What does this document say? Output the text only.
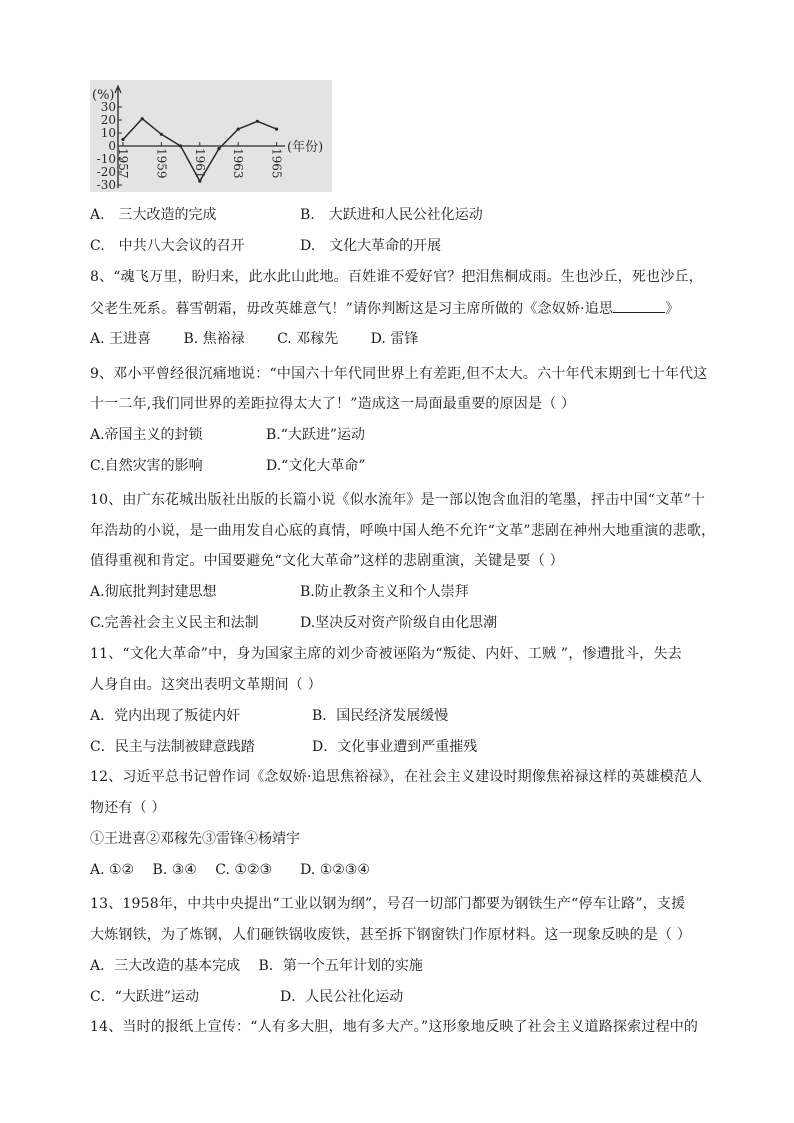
(%)
30
20
10
0
-10
-20
-30
1957 1959 1961 1963 1965
(年份)
A.　三大改造的完成	B.　大跃进和人民公社化运动
C.　中共八大会议的召开	D.　文化大革命的开展
8、“魂飞万里，盼归来，此水此山此地。百姓谁不爱好官？把泪焦桐成雨。生也沙丘，死也沙丘，
父老生死系。暮雪朝霜，毋改英雄意气！”请你判断这是习主席所做的《念奴娇·追思	》
A. 王进喜　　 B. 焦裕禄　　 C. 邓稼先　　 D. 雷锋
9、邓小平曾经很沉痛地说：“中国六十年代同世界上有差距,但不太大。六十年代末期到七十年代这
十一二年,我们同世界的差距拉得太大了！”造成这一局面最重要的原因是（ ）
A.帝国主义的封锁	B.“大跃进”运动
C.自然灾害的影响	D.“文化大革命”
10、由广东花城出版社出版的长篇小说《似水流年》是一部以饱含血泪的笔墨，抨击中国“文革”十
年浩劫的小说，是一曲用发自心底的真情，呼唤中国人绝不允许“文革”悲剧在神州大地重演的悲歌，
值得重视和肯定。中国要避免“文化大革命”这样的悲剧重演，关键是要（ ）
A.彻底批判封建思想	B.防止教条主义和个人崇拜
C.完善社会主义民主和法制	D.坚决反对资产阶级自由化思潮
11、“文化大革命”中，身为国家主席的刘少奇被诬陷为“叛徒、内奸、工贼 ”，惨遭批斗，失去
人身自由。这突出表明文革期间（ ）
A．党内出现了叛徒内奸	B．国民经济发展缓慢
C．民主与法制被肆意践踏	D．文化事业遭到严重摧残
12、习近平总书记曾作词《念奴娇·追思焦裕禄》，在社会主义建设时期像焦裕禄这样的英雄模范人
物还有（ ）
①王进喜②邓稼先③雷锋④杨靖宇
A. ①②　 B. ③④　 C. ①②③　　D. ①②③④
13、1958年，中共中央提出“工业以钢为纲”，号召一切部门都要为钢铁生产“停车让路”，支援
大炼钢铁，为了炼钢，人们砸铁锅收废铁，甚至拆下钢窗铁门作原材料。这一现象反映的是（ ）
A．三大改造的基本完成　 B．第一个五年计划的实施
C．“大跃进”运动	D．人民公社化运动
14、当时的报纸上宣传：“人有多大胆，地有多大产。”这形象地反映了社会主义道路探索过程中的
